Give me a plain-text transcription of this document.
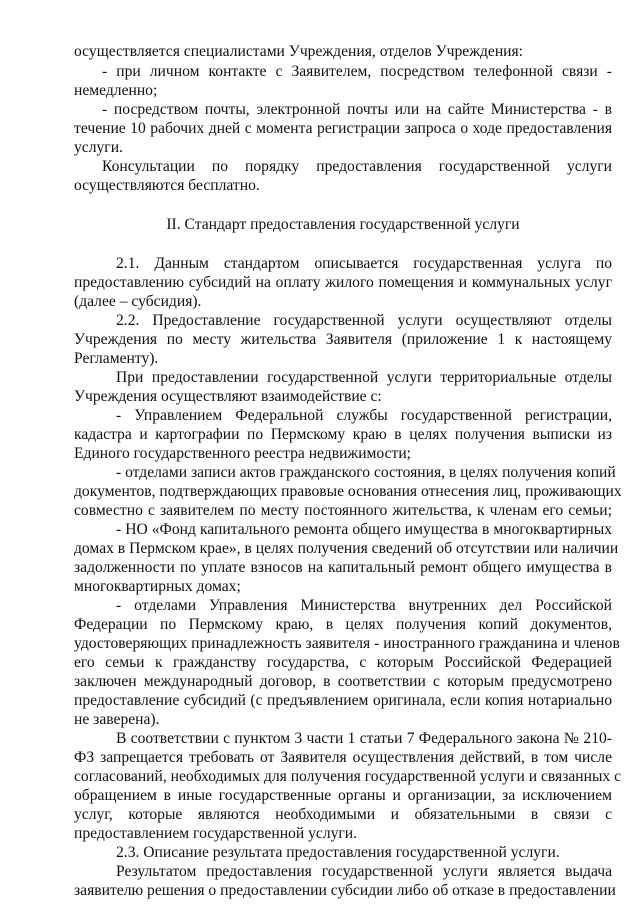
осуществляется специалистами Учреждения, отделов Учреждения:
- при личном контакте с Заявителем, посредством телефонной связи -
немедленно;
- посредством почты, электронной почты или на сайте Министерства - в
течение 10 рабочих дней с момента регистрации запроса о ходе предоставления
услуги.
Консультации по порядку предоставления государственной услуги
осуществляются бесплатно.
II. Стандарт предоставления государственной услуги
2.1. Данным стандартом описывается государственная услуга по
предоставлению субсидий на оплату жилого помещения и коммунальных услуг
(далее – субсидия).
2.2. Предоставление государственной услуги осуществляют отделы
Учреждения по месту жительства Заявителя (приложение 1 к настоящему
Регламенту).
При предоставлении государственной услуги территориальные отделы
Учреждения осуществляют взаимодействие с:
- Управлением Федеральной службы государственной регистрации,
кадастра и картографии по Пермскому краю в целях получения выписки из
Единого государственного реестра недвижимости;
- отделами записи актов гражданского состояния, в целях получения копий
документов, подтверждающих правовые основания отнесения лиц, проживающих
совместно с заявителем по месту постоянного жительства, к членам его семьи;
- НО «Фонд капитального ремонта общего имущества в многоквартирных
домах в Пермском крае», в целях получения сведений об отсутствии или наличии
задолженности по уплате взносов на капитальный ремонт общего имущества в
многоквартирных домах;
- отделами Управления Министерства внутренних дел Российской
Федерации по Пермскому краю, в целях получения копий документов,
удостоверяющих принадлежность заявителя - иностранного гражданина и членов
его семьи к гражданству государства, с которым Российской Федерацией
заключен международный договор, в соответствии с которым предусмотрено
предоставление субсидий (с предъявлением оригинала, если копия нотариально
не заверена).
В соответствии с пунктом 3 части 1 статьи 7 Федерального закона № 210-
ФЗ запрещается требовать от Заявителя осуществления действий, в том числе
согласований, необходимых для получения государственной услуги и связанных с
обращением в иные государственные органы и организации, за исключением
услуг, которые являются необходимыми и обязательными в связи с
предоставлением государственной услуги.
2.3. Описание результата предоставления государственной услуги.
Результатом предоставления государственной услуги является выдача
заявителю решения о предоставлении субсидии либо об отказе в предоставлении
